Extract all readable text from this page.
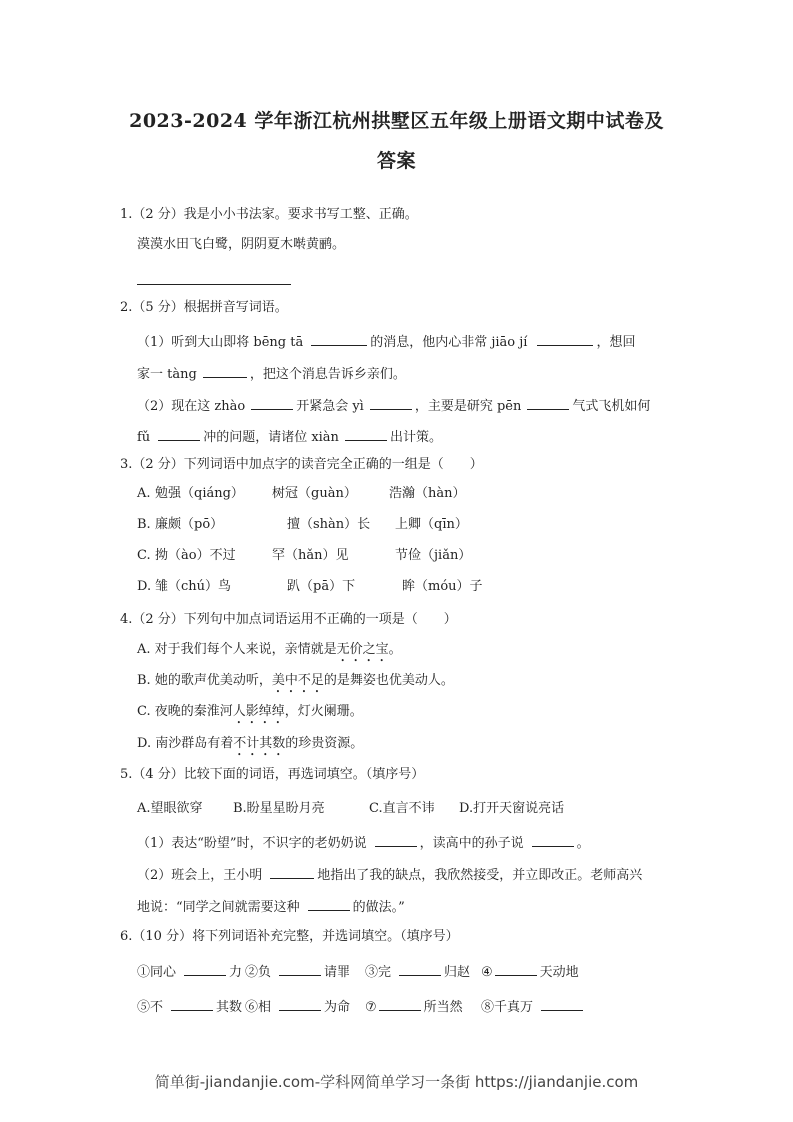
2023-2024 学年浙江杭州拱墅区五年级上册语文期中试卷及
答案
1.（2 分）我是小小书法家。要求书写工整、正确。
漠漠水田飞白鹭，阴阴夏木啭黄鹂。
2.（5 分）根据拼音写词语。
（1）听到大山即将 bēng tā	的消息，他内心非常 jiāo jí	，想回
家一 tàng	，把这个消息告诉乡亲们。
（2）现在这 zhào	开紧急会 yì	，主要是研究 pēn	气式飞机如何
fǔ	冲的问题，请诸位 xiàn	出计策。
3.（2 分）下列词语中加点字的读音完全正确的一组是（　　）
A. 勉强（qiáng） 树冠（guàn） 浩瀚（hàn）
B. 廉颇（pō）	擅（shàn）长 上卿（qīn）
C. 拗（ào）不过	罕（hǎn）见	节俭（jiǎn）
D. 雏（chú）鸟	趴（pā）下	眸（móu）子
4.（2 分）下列句中加点词语运用不正确的一项是（　　）
A. 对于我们每个人来说，亲情就是无价之宝。
B. 她的歌声优美动听，美中不足的是舞姿也优美动人。
C. 夜晚的秦淮河人影绰绰，灯火阑珊。
D. 南沙群岛有着不计其数的珍贵资源。
5.（4 分）比较下面的词语，再选词填空。（填序号）
A.望眼欲穿 B.盼星星盼月亮	C.直言不讳 D.打开天窗说亮话
（1）表达“盼望”时，不识字的老奶奶说	，读高中的孙子说	。
（2）班会上，王小明	地指出了我的缺点，我欣然接受，并立即改正。老师高兴
地说：“同学之间就需要这种	的做法。”
6.（10 分）将下列词语补充完整，并选词填空。（填序号）
①同心	力 ②负	请罪 ③完	归赵 ④	天动地
⑤不	其数 ⑥相	为命 ⑦	所当然 ⑧千真万
简单街-jiandanjie.com-学科网简单学习一条街 https://jiandanjie.com
